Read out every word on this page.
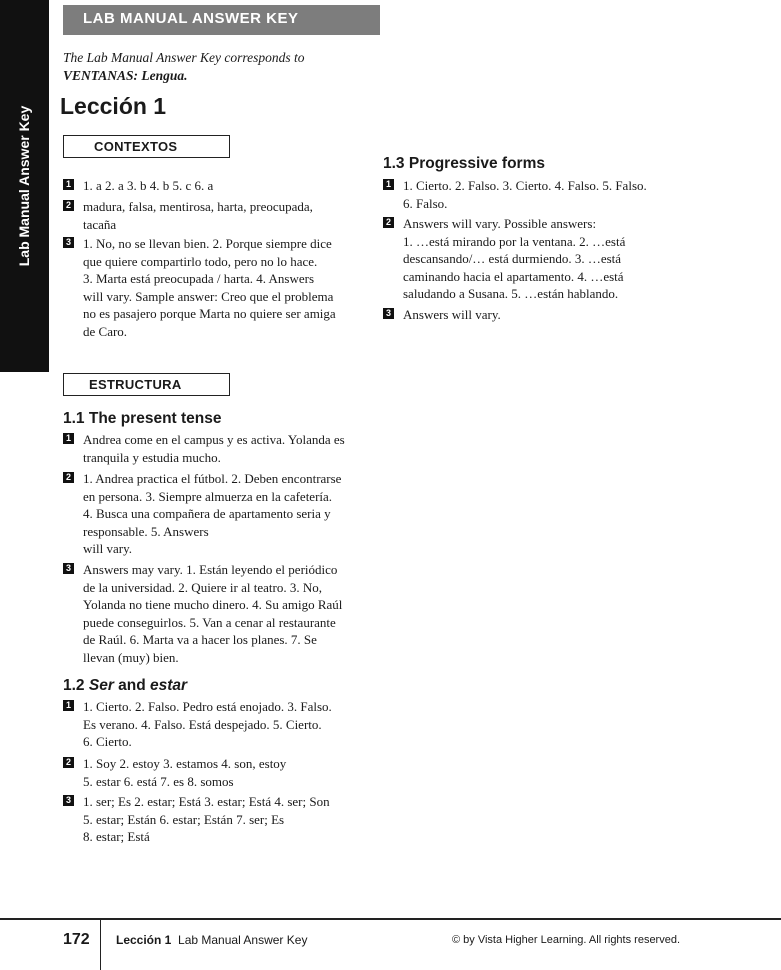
Lab Manual Answer Key
LAB MANUAL ANSWER KEY
The Lab Manual Answer Key corresponds to
VENTANAS: Lengua.
Lección 1
CONTEXTOS
1 1. a 2. a 3. b 4. b 5. c 6. a
2 madura, falsa, mentirosa, harta, preocupada,
tacaña
3 1. No, no se llevan bien. 2. Porque siempre dice
que quiere compartirlo todo, pero no lo hace.
3. Marta está preocupada / harta. 4. Answers
will vary. Sample answer: Creo que el problema
no es pasajero porque Marta no quiere ser amiga
de Caro.
ESTRUCTURA
1.1 The present tense
1 Andrea come en el campus y es activa. Yolanda es
tranquila y estudia mucho.
2 1. Andrea practica el fútbol. 2. Deben encontrarse
en persona. 3. Siempre almuerza en la cafetería.
4. Busca una compañera de apartamento seria y
responsable. 5. Answers
will vary.
3 Answers may vary. 1. Están leyendo el periódico
de la universidad. 2. Quiere ir al teatro. 3. No,
Yolanda no tiene mucho dinero. 4. Su amigo Raúl
puede conseguirlos. 5. Van a cenar al restaurante
de Raúl. 6. Marta va a hacer los planes. 7. Se
llevan (muy) bien.
1.2 Ser and estar
1 1. Cierto. 2. Falso. Pedro está enojado. 3. Falso.
Es verano. 4. Falso. Está despejado. 5. Cierto.
6. Cierto.
2 1. Soy 2. estoy 3. estamos 4. son, estoy
5. estar 6. está 7. es 8. somos
3 1. ser; Es 2. estar; Está 3. estar; Está 4. ser; Son
5. estar; Están 6. estar; Están 7. ser; Es
8. estar; Está
1.3 Progressive forms
1 1. Cierto. 2. Falso. 3. Cierto. 4. Falso. 5. Falso.
6. Falso.
2 Answers will vary. Possible answers:
1. …está mirando por la ventana. 2. …está
descansando/… está durmiendo. 3. …está
caminando hacia el apartamento. 4. …está
saludando a Susana. 5. …están hablando.
3 Answers will vary.
172 Lección 1 Lab Manual Answer Key	© by Vista Higher Learning. All rights reserved.
